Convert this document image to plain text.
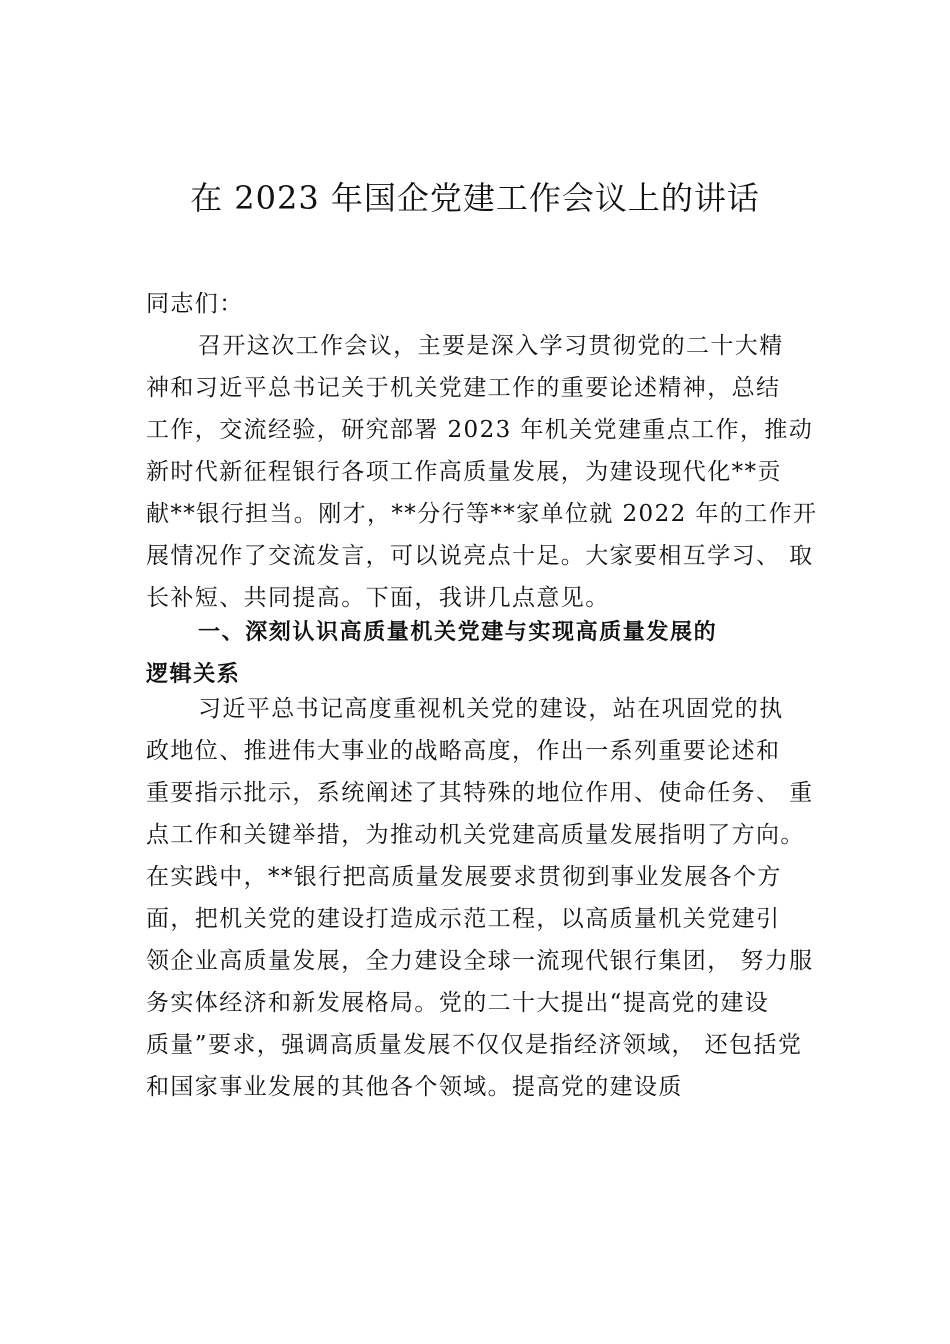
在 2023 年国企党建工作会议上的讲话
同志们：
召开这次工作会议，主要是深入学习贯彻党的二十大精
神和习近平总书记关于机关党建工作的重要论述精神，总结
工作，交流经验，研究部署 2023 年机关党建重点工作，推动
新时代新征程银行各项工作高质量发展，为建设现代化**贡
献**银行担当。刚才，**分行等**家单位就 2022 年的工作开
展情况作了交流发言，可以说亮点十足。大家要相互学习、 取
长补短、共同提高。下面，我讲几点意见。
一、深刻认识高质量机关党建与实现高质量发展的
逻辑关系
习近平总书记高度重视机关党的建设，站在巩固党的执
政地位、推进伟大事业的战略高度，作出一系列重要论述和
重要指示批示，系统阐述了其特殊的地位作用、使命任务、 重
点工作和关键举措，为推动机关党建高质量发展指明了方向。
在实践中，**银行把高质量发展要求贯彻到事业发展各个方
面，把机关党的建设打造成示范工程，以高质量机关党建引
领企业高质量发展，全力建设全球一流现代银行集团， 努力服
务实体经济和新发展格局。党的二十大提出“提高党的建设
质量”要求，强调高质量发展不仅仅是指经济领域， 还包括党
和国家事业发展的其他各个领域。提高党的建设质
